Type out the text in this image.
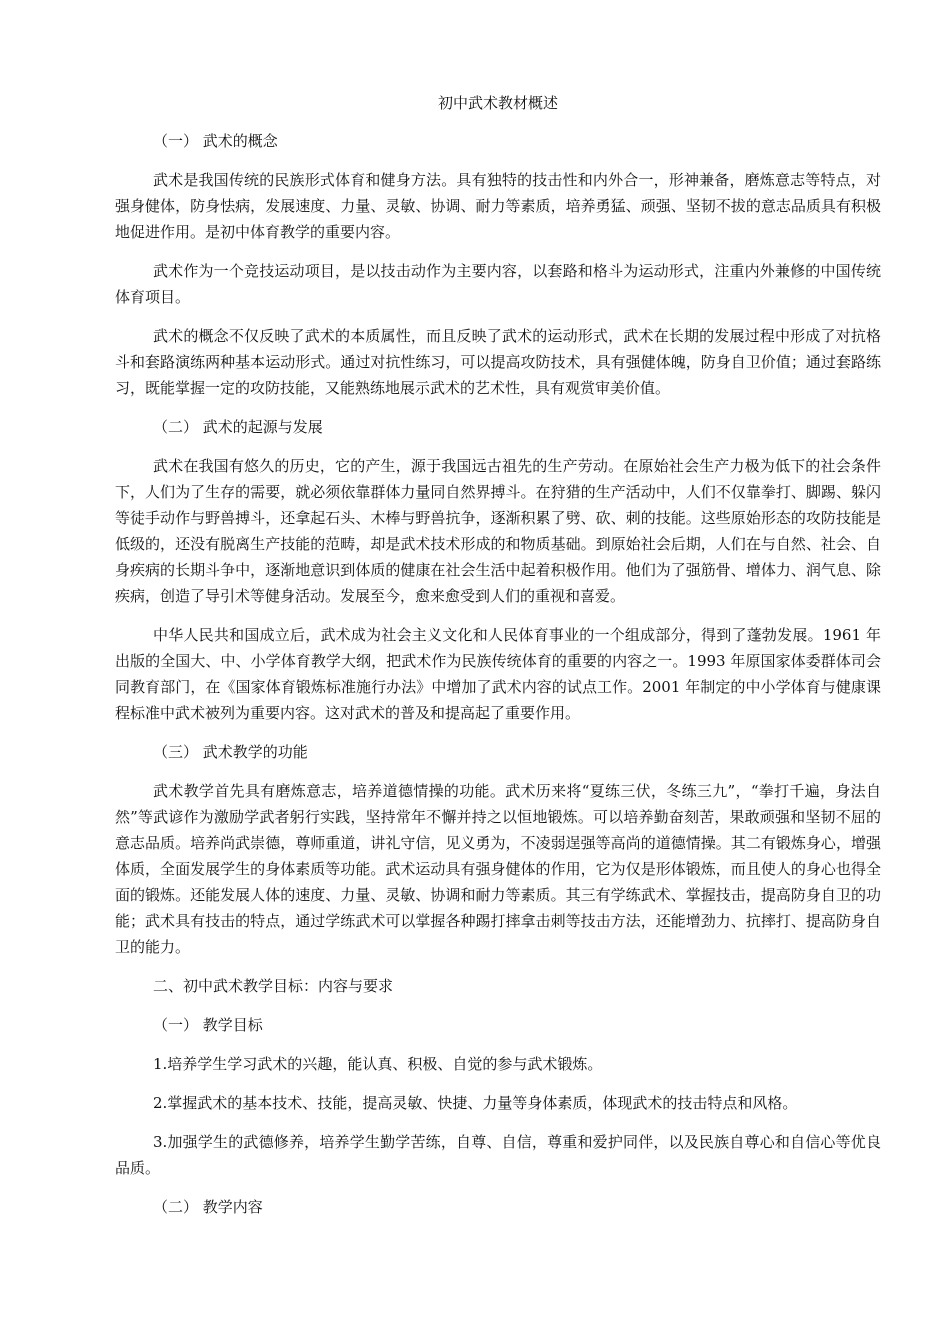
初中武术教材概述

（一） 武术的概念

武术是我国传统的民族形式体育和健身方法。具有独特的技击性和内外合一，形神兼备，磨炼意志等特点，对强身健体，防身怯病，发展速度、力量、灵敏、协调、耐力等素质，培养勇猛、顽强、坚韧不拔的意志品质具有积极地促进作用。是初中体育教学的重要内容。

武术作为一个竞技运动项目，是以技击动作为主要内容，以套路和格斗为运动形式，注重内外兼修的中国传统体育项目。

武术的概念不仅反映了武术的本质属性，而且反映了武术的运动形式，武术在长期的发展过程中形成了对抗格斗和套路演练两种基本运动形式。通过对抗性练习，可以提高攻防技术，具有强健体魄，防身自卫价值；通过套路练习，既能掌握一定的攻防技能，又能熟练地展示武术的艺术性，具有观赏审美价值。

（二） 武术的起源与发展

武术在我国有悠久的历史，它的产生，源于我国远古祖先的生产劳动。在原始社会生产力极为低下的社会条件下，人们为了生存的需要，就必须依靠群体力量同自然界搏斗。在狩猎的生产活动中，人们不仅靠拳打、脚踢、躲闪等徒手动作与野兽搏斗，还拿起石头、木棒与野兽抗争，逐渐积累了劈、砍、刺的技能。这些原始形态的攻防技能是低级的，还没有脱离生产技能的范畴，却是武术技术形成的和物质基础。到原始社会后期，人们在与自然、社会、自身疾病的长期斗争中，逐渐地意识到体质的健康在社会生活中起着积极作用。他们为了强筋骨、增体力、润气息、除疾病，创造了导引术等健身活动。发展至今，愈来愈受到人们的重视和喜爱。

中华人民共和国成立后，武术成为社会主义文化和人民体育事业的一个组成部分，得到了蓬勃发展。1961 年出版的全国大、中、小学体育教学大纲，把武术作为民族传统体育的重要的内容之一。1993 年原国家体委群体司会同教育部门，在《国家体育锻炼标准施行办法》中增加了武术内容的试点工作。2001 年制定的中小学体育与健康课程标准中武术被列为重要内容。这对武术的普及和提高起了重要作用。

（三） 武术教学的功能

武术教学首先具有磨炼意志，培养道德情操的功能。武术历来将“夏练三伏，冬练三九”，“拳打千遍，身法自然”等武谚作为激励学武者躬行实践，坚持常年不懈并持之以恒地锻炼。可以培养勤奋刻苦，果敢顽强和坚韧不屈的意志品质。培养尚武崇德，尊师重道，讲礼守信，见义勇为，不凌弱逞强等高尚的道德情操。其二有锻炼身心，增强体质，全面发展学生的身体素质等功能。武术运动具有强身健体的作用，它为仅是形体锻炼，而且使人的身心也得全面的锻炼。还能发展人体的速度、力量、灵敏、协调和耐力等素质。其三有学练武术、掌握技击，提高防身自卫的功能；武术具有技击的特点，通过学练武术可以掌握各种踢打摔拿击刺等技击方法，还能增劲力、抗摔打、提高防身自卫的能力。

二、初中武术教学目标：内容与要求

（一） 教学目标

1.培养学生学习武术的兴趣，能认真、积极、自觉的参与武术锻炼。

2.掌握武术的基本技术、技能，提高灵敏、快捷、力量等身体素质，体现武术的技击特点和风格。

3.加强学生的武德修养，培养学生勤学苦练，自尊、自信，尊重和爱护同伴，以及民族自尊心和自信心等优良品质。

（二） 教学内容
